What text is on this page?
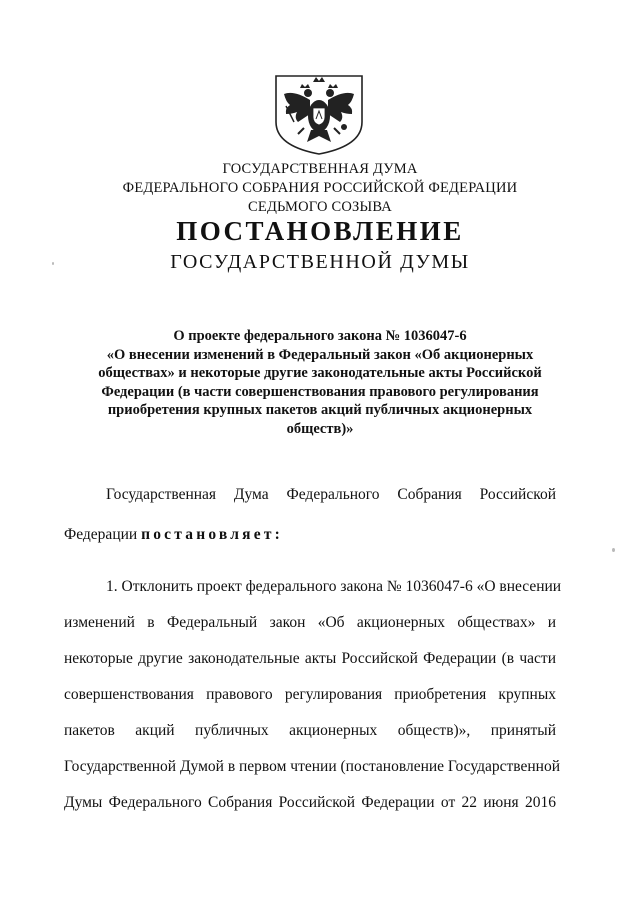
ГОСУДАРСТВЕННАЯ ДУМА
ФЕДЕРАЛЬНОГО СОБРАНИЯ РОССИЙСКОЙ ФЕДЕРАЦИИ
СЕДЬМОГО СОЗЫВА
ПОСТАНОВЛЕНИЕ
ГОСУДАРСТВЕННОЙ ДУМЫ
О проекте федерального закона № 1036047-6
«О внесении изменений в Федеральный закон «Об акционерных
обществах» и некоторые другие законодательные акты Российской
Федерации (в части совершенствования правового регулирования
приобретения крупных пакетов акций публичных акционерных
обществ)»
Государственная Дума Федерального Собрания Российской
Федерации постановляет:
1. Отклонить проект федерального закона № 1036047-6 «О внесении
изменений в Федеральный закон «Об акционерных обществах» и
некоторые другие законодательные акты Российской Федерации (в части
совершенствования правового регулирования приобретения крупных
пакетов акций публичных акционерных обществ)», принятый
Государственной Думой в первом чтении (постановление Государственной
Думы Федерального Собрания Российской Федерации от 22 июня 2016
